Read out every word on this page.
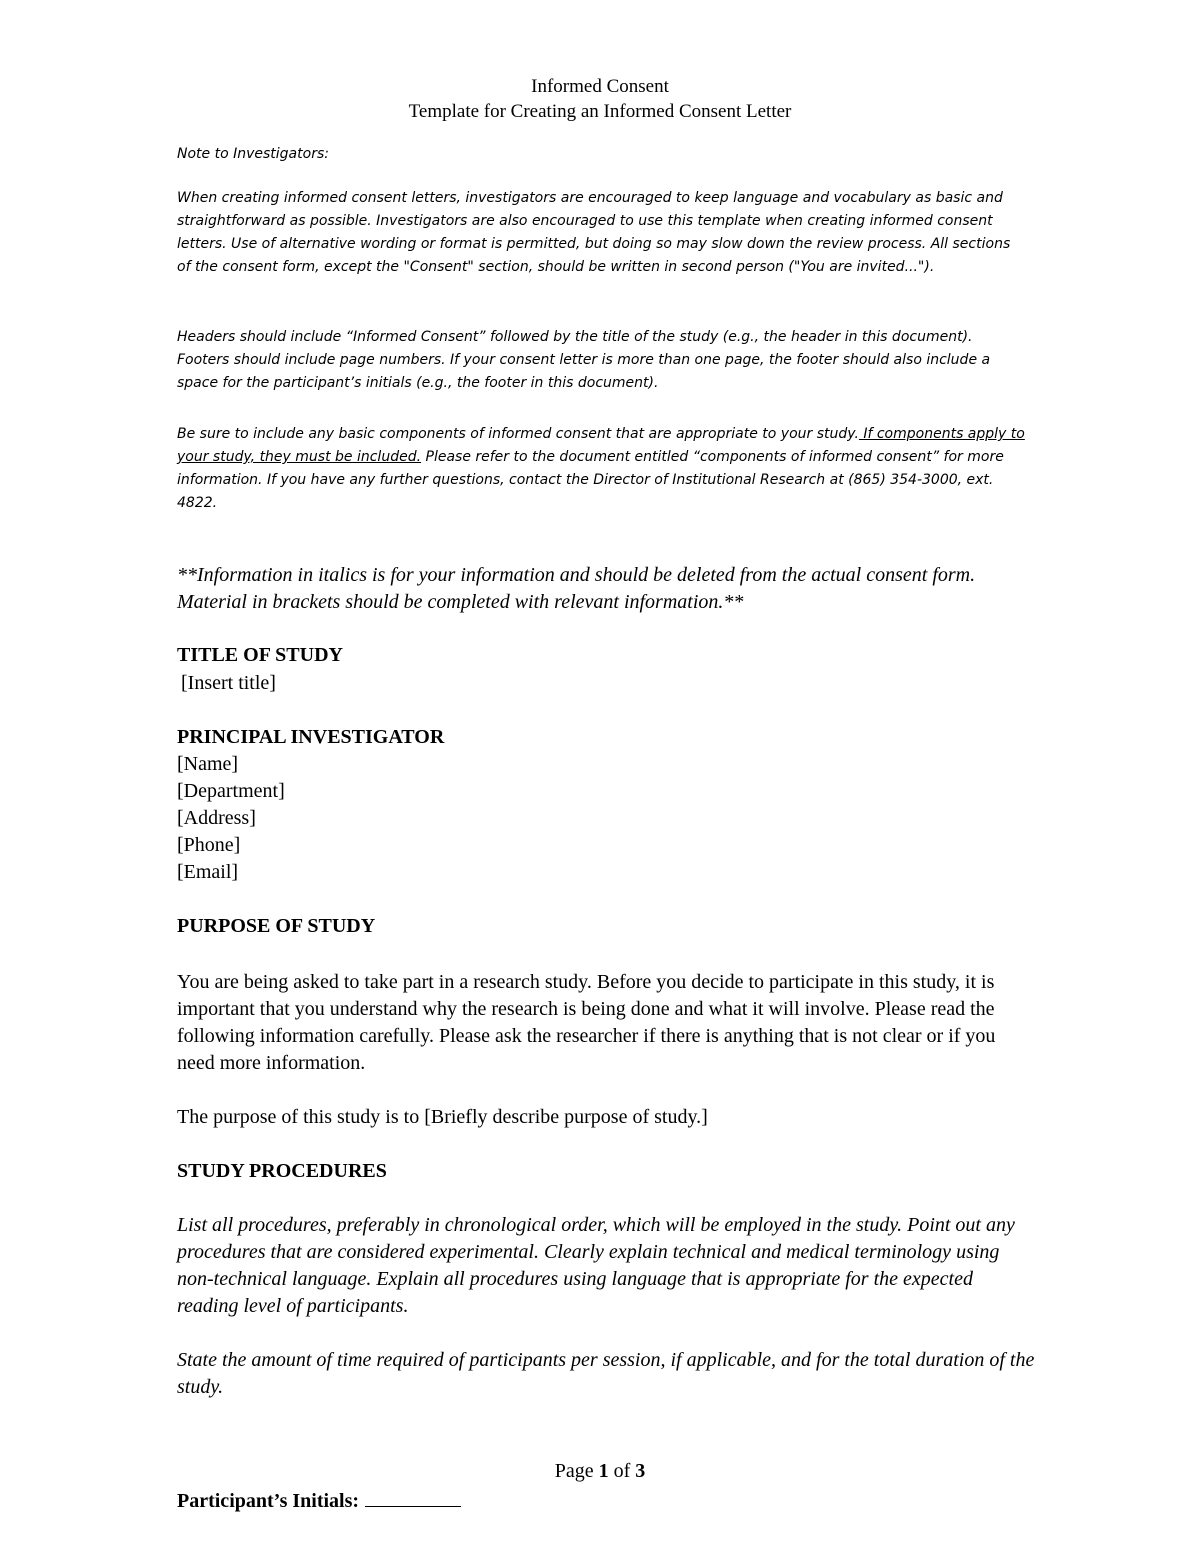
Informed Consent
Template for Creating an Informed Consent Letter

Note to Investigators:

When creating informed consent letters, investigators are encouraged to keep language and vocabulary as basic and straightforward as possible. Investigators are also encouraged to use this template when creating informed consent letters. Use of alternative wording or format is permitted, but doing so may slow down the review process. All sections of the consent form, except the "Consent" section, should be written in second person ("You are invited...").

Headers should include “Informed Consent” followed by the title of the study (e.g., the header in this document). Footers should include page numbers. If your consent letter is more than one page, the footer should also include a space for the participant’s initials (e.g., the footer in this document).

Be sure to include any basic components of informed consent that are appropriate to your study. If components apply to your study, they must be included. Please refer to the document entitled “components of informed consent” for more information. If you have any further questions, contact the Director of Institutional Research at (865) 354-3000, ext. 4822.

**Information in italics is for your information and should be deleted from the actual consent form. Material in brackets should be completed with relevant information.**

TITLE OF STUDY
[Insert title]
PRINCIPAL INVESTIGATOR
[Name]
[Department]
[Address]
[Phone]
[Email]
PURPOSE OF STUDY

You are being asked to take part in a research study. Before you decide to participate in this study, it is important that you understand why the research is being done and what it will involve. Please read the following information carefully. Please ask the researcher if there is anything that is not clear or if you need more information.

The purpose of this study is to [Briefly describe purpose of study.]

STUDY PROCEDURES

List all procedures, preferably in chronological order, which will be employed in the study. Point out any procedures that are considered experimental. Clearly explain technical and medical terminology using non-technical language. Explain all procedures using language that is appropriate for the expected reading level of participants.

State the amount of time required of participants per session, if applicable, and for the total duration of the study.

Page 1 of 3
Participant’s Initials:
